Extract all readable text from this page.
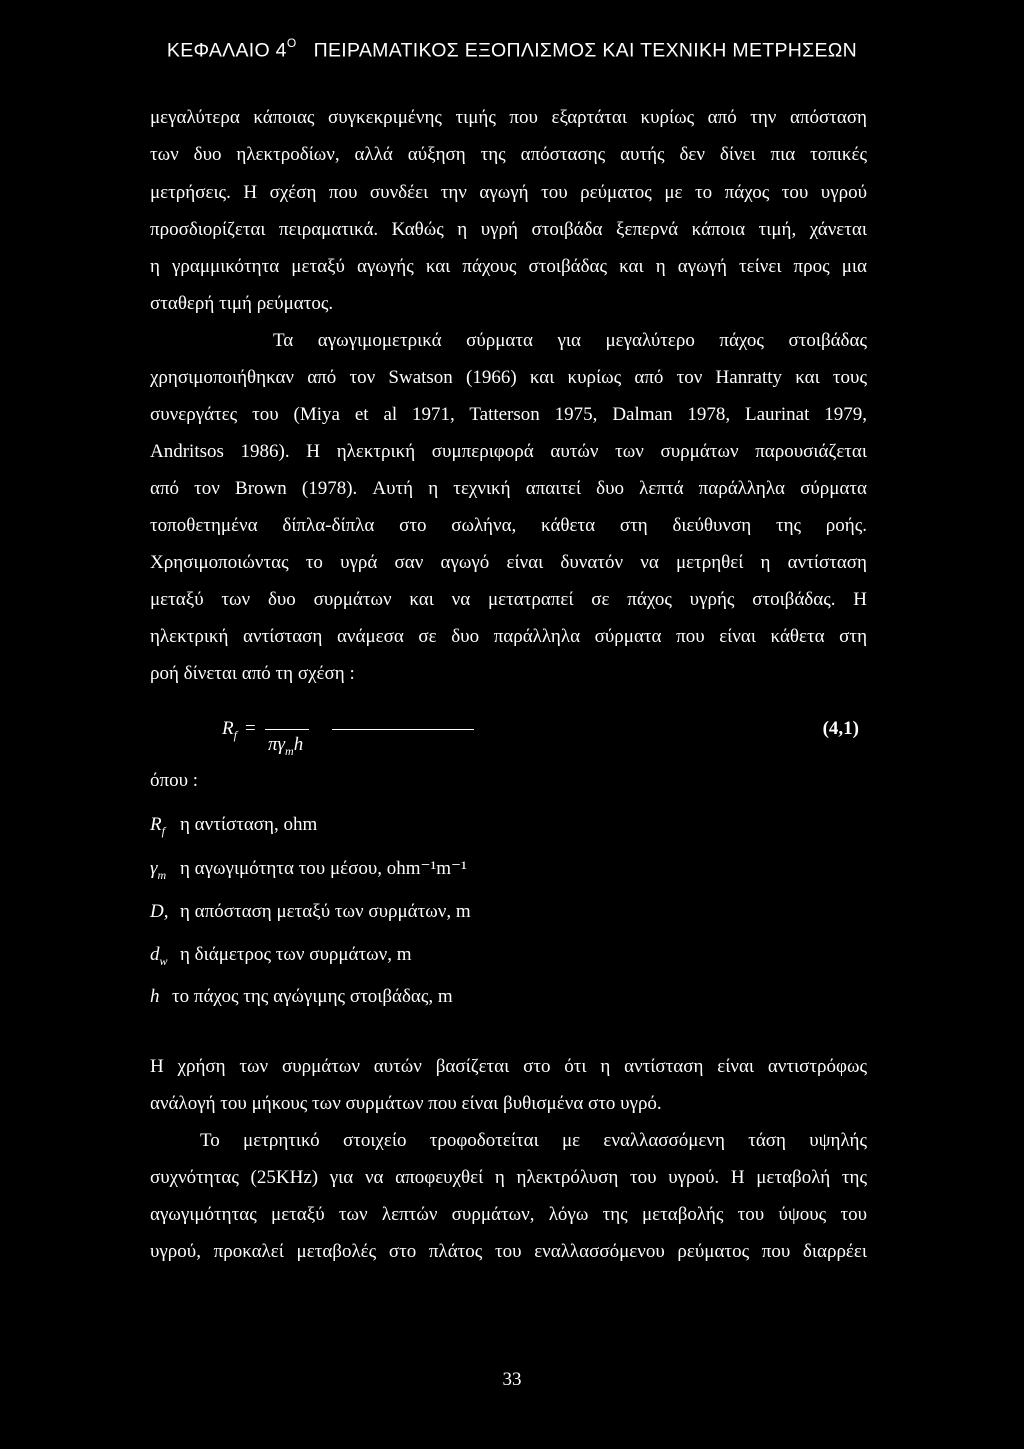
ΚΕΦΑΛΑΙΟ $4^O$ ΠΕΙΡΑΜΑΤΙΚΟΣ ΕΞΟΠΛΙΣΜΟΣ ΚΑΙ ΤΕΧΝΙΚΗ ΜΕΤΡΗΣΕΩΝ
μεγαλύτερα κάποιας συγκεκριμένης τιμής που εξαρτάται κυρίως από την απόσταση
των δυο ηλεκτροδίων, αλλά αύξηση της απόστασης αυτής δεν δίνει πια τοπικές
μετρήσεις. Η σχέση που συνδέει την αγωγή του ρεύματος με το πάχος του υγρού
προσδιορίζεται πειραματικά. Καθώς η υγρή στοιβάδα ξεπερνά κάποια τιμή, χάνεται
η γραμμικότητα μεταξύ αγωγής και πάχους στοιβάδας και η αγωγή τείνει προς μια
σταθερή τιμή ρεύματος.
Τα αγωγιμομετρικά σύρματα για μεγαλύτερο πάχος στοιβάδας
χρησιμοποιήθηκαν από τον Swatson (1966) και κυρίως από τον Hanratty και τους
συνεργάτες του (Miya et al 1971, Tatterson 1975, Dalman 1978, Laurinat 1979,
Andritsos 1986). Η ηλεκτρική συμπεριφορά αυτών των συρμάτων παρουσιάζεται
από τον Brown (1978). Αυτή η τεχνική απαιτεί δυο λεπτά παράλληλα σύρματα
τοποθετημένα δίπλα-δίπλα στο σωλήνα, κάθετα στη διεύθυνση της ροής.
Χρησιμοποιώντας το υγρά σαν αγωγό είναι δυνατόν να μετρηθεί η αντίσταση
μεταξύ των δυο συρμάτων και να μετατραπεί σε πάχος υγρής στοιβάδας. Η
ηλεκτρική αντίσταση ανάμεσα σε δυο παράλληλα σύρματα που είναι κάθετα στη
ροή δίνεται από τη σχέση :
$R_f$ =
$\pi\gamma_mh$
(4,1)
όπου :
$R_f$ η αντίσταση, ohm
$\gamma_m$ η αγωγιμότητα του μέσου, ohm⁻¹m⁻¹
D, η απόσταση μεταξύ των συρμάτων, m
$d_w$ η διάμετρος των συρμάτων, m
h το πάχος της αγώγιμης στοιβάδας, m
Η χρήση των συρμάτων αυτών βασίζεται στο ότι η αντίσταση είναι αντιστρόφως
ανάλογή του μήκους των συρμάτων που είναι βυθισμένα στο υγρό.
Το μετρητικό στοιχείο τροφοδοτείται με εναλλασσόμενη τάση υψηλής
συχνότητας (25KHz) για να αποφευχθεί η ηλεκτρόλυση του υγρού. Η μεταβολή της
αγωγιμότητας μεταξύ των λεπτών συρμάτων, λόγω της μεταβολής του ύψους του
υγρού, προκαλεί μεταβολές στο πλάτος του εναλλασσόμενου ρεύματος που διαρρέει
33
